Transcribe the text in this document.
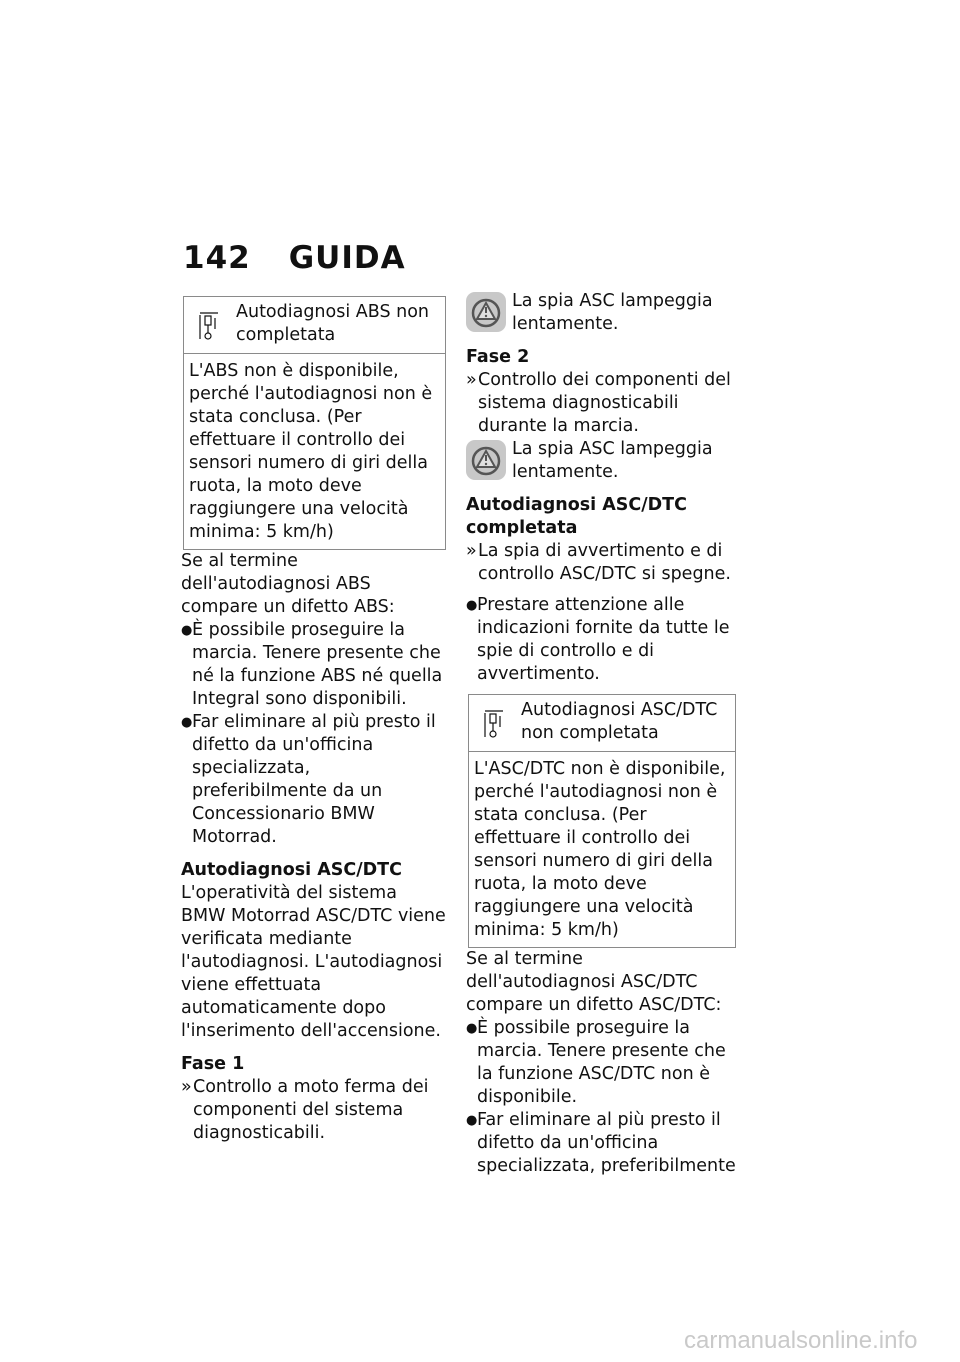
142 GUIDA
Autodiagnosi ABS non completata
L'ABS non è disponibile, perché l'autodiagnosi non è stata conclusa. (Per effettuare il controllo dei sensori numero di giri della ruota, la moto deve raggiungere una velocità minima: 5 km/h)

Se al termine dell'autodiagnosi ABS compare un difetto ABS:

● È possibile proseguire la marcia. Tenere presente che né la funzione ABS né quella Integral sono disponibili.
● Far eliminare al più presto il difetto da un'officina specializzata, preferibilmente da un Concessionario BMW Motorrad.

Autodiagnosi ASC/DTC

L'operatività del sistema BMW Motorrad ASC/DTC viene verificata mediante l'autodiagnosi. L'autodiagnosi viene effettuata automaticamente dopo l'inserimento dell'accensione.

Fase 1

» Controllo a moto ferma dei componenti del sistema diagnosticabili.
La spia ASC lampeggia lentamente.

Fase 2

» Controllo dei componenti del sistema diagnosticabili durante la marcia.
La spia ASC lampeggia lentamente.

Autodiagnosi ASC/DTC completata

» La spia di avvertimento e di controllo ASC/DTC si spegne.
● Prestare attenzione alle indicazioni fornite da tutte le spie di controllo e di avvertimento.
Autodiagnosi ASC/DTC non completata
L'ASC/DTC non è disponibile, perché l'autodiagnosi non è stata conclusa. (Per effettuare il controllo dei sensori numero di giri della ruota, la moto deve raggiungere una velocità minima: 5 km/h)

Se al termine dell'autodiagnosi ASC/DTC compare un difetto ASC/DTC:

● È possibile proseguire la marcia. Tenere presente che la funzione ASC/DTC non è disponibile.
● Far eliminare al più presto il difetto da un'officina specializzata, preferibilmente
carmanualsonline.info
